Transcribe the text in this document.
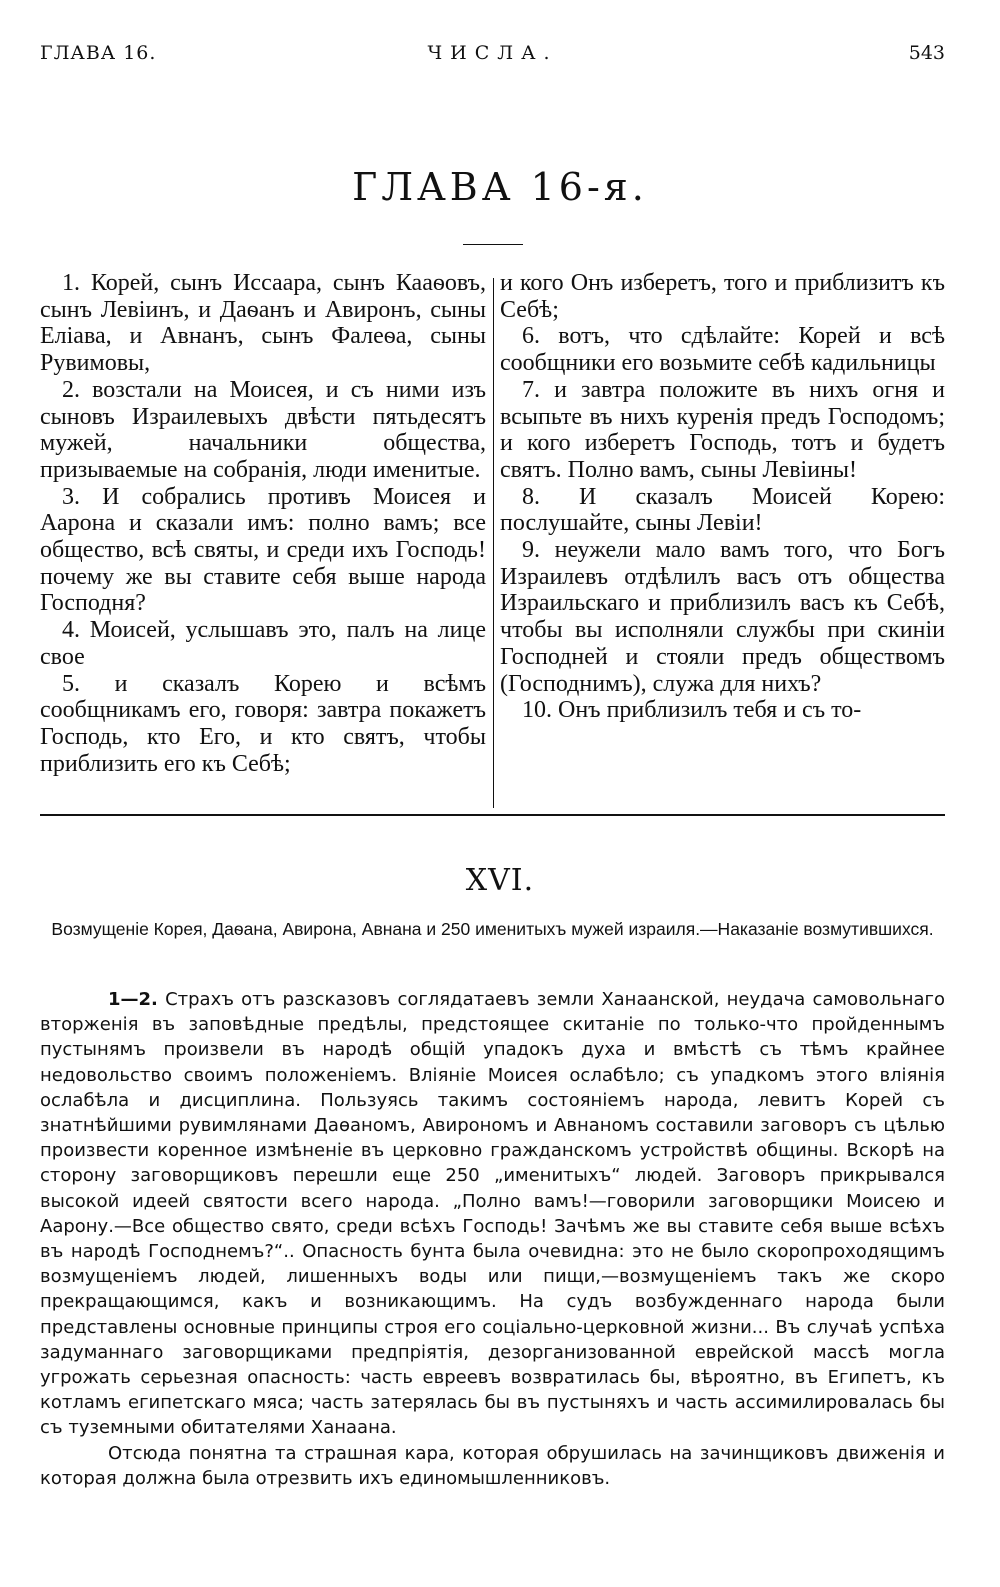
ГЛАВА 16.	ЧИСЛА.	543
ГЛАВА 16-я.

1. Корей, сынъ Иссаара, сынъ Кааѳовъ, сынъ Левіинъ, и Даѳанъ и Авиронъ, сыны Еліава, и Авнанъ, сынъ Фалеѳа, сыны Рувимовы,

2. возстали на Моисея, и съ ними изъ сыновъ Израилевыхъ двѣсти пятьдесятъ мужей, начальники общества, призываемые на собранія, люди именитые.

3. И собрались противъ Моисея и Аарона и сказали имъ: полно вамъ; все общество, всѣ святы, и среди ихъ Господь! почему же вы ставите себя выше народа Господня?

4. Моисей, услышавъ это, палъ на лице свое

5. и сказалъ Корею и всѣмъ сообщникамъ его, говоря: завтра покажетъ Господь, кто Его, и кто святъ, чтобы приблизить его къ Себѣ;

и кого Онъ изберетъ, того и приблизитъ къ Себѣ;

6. вотъ, что сдѣлайте: Корей и всѣ сообщники его возьмите себѣ кадильницы

7. и завтра положите въ нихъ огня и всыпьте въ нихъ куренія предъ Господомъ; и кого изберетъ Господь, тотъ и будетъ святъ. Полно вамъ, сыны Левіины!

8. И сказалъ Моисей Корею: послушайте, сыны Левіи!

9. неужели мало вамъ того, что Богъ Израилевъ отдѣлилъ васъ отъ общества Израильскаго и приблизилъ васъ къ Себѣ, чтобы вы исполняли службы при скиніи Господней и стояли предъ обществомъ (Господнимъ), служа для нихъ?

10. Онъ приблизилъ тебя и съ то-

XVI.
Возмущеніе Корея, Даѳана, Авирона, Авнана и 250 именитыхъ мужей израиля.—Наказаніе возмутившихся.

1—2. Страхъ отъ разсказовъ соглядатаевъ земли Ханаанской, неудача самовольнаго вторженія въ заповѣдные предѣлы, предстоящее скитаніе по только-что пройденнымъ пустынямъ произвели въ народѣ общій упадокъ духа и вмѣстѣ съ тѣмъ крайнее недовольство своимъ положеніемъ. Вліяніе Моисея ослабѣло; съ упадкомъ этого вліянія ослабѣла и дисциплина. Пользуясь такимъ состояніемъ народа, левитъ Корей съ знатнѣйшими рувимлянами Даѳаномъ, Авирономъ и Авнаномъ составили заговоръ съ цѣлью произвести коренное измѣненіе въ церковно гражданскомъ устройствѣ общины. Вскорѣ на сторону заговорщиковъ перешли еще 250 „именитыхъ“ людей. Заговоръ прикрывался высокой идеей святости всего народа. „Полно вамъ!—говорили заговорщики Моисею и Аарону.—Все общество свято, среди всѣхъ Господь! Зачѣмъ же вы ставите себя выше всѣхъ въ народѣ Господнемъ?“.. Опасность бунта была очевидна: это не было скоропроходящимъ возмущеніемъ людей, лишенныхъ воды или пищи,—возмущеніемъ такъ же скоро прекращающимся, какъ и возникающимъ. На судъ возбужденнаго народа были представлены основные принципы строя его соціально-церковной жизни... Въ случаѣ успѣха задуманнаго заговорщиками предпріятія, дезорганизованной еврейской массѣ могла угрожать серьезная опасность: часть евреевъ возвратилась бы, вѣроятно, въ Египетъ, къ котламъ египетскаго мяса; часть затерялась бы въ пустыняхъ и часть ассимилировалась бы съ туземными обитателями Ханаана.

Отсюда понятна та страшная кара, которая обрушилась на зачинщиковъ движенія и которая должна была отрезвить ихъ единомышленниковъ.
